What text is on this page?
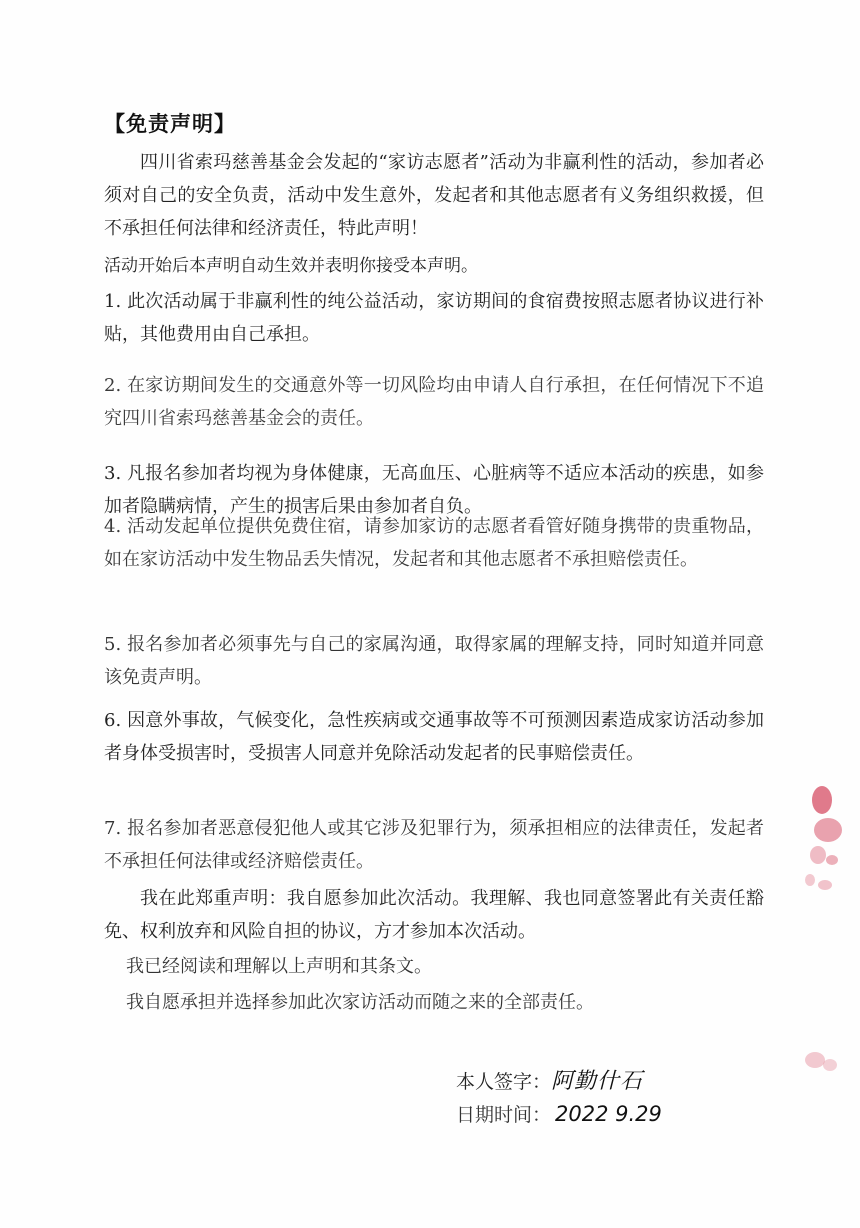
【免责声明】
四川省索玛慈善基金会发起的“家访志愿者”活动为非赢利性的活动，参加者必须对自己的安全负责，活动中发生意外，发起者和其他志愿者有义务组织救援，但不承担任何法律和经济责任，特此声明！
活动开始后本声明自动生效并表明你接受本声明。
1. 此次活动属于非赢利性的纯公益活动，家访期间的食宿费按照志愿者协议进行补贴，其他费用由自己承担。
2. 在家访期间发生的交通意外等一切风险均由申请人自行承担，在任何情况下不追究四川省索玛慈善基金会的责任。
3. 凡报名参加者均视为身体健康，无高血压、心脏病等不适应本活动的疾患，如参加者隐瞒病情，产生的损害后果由参加者自负。
4. 活动发起单位提供免费住宿，请参加家访的志愿者看管好随身携带的贵重物品，如在家访活动中发生物品丢失情况，发起者和其他志愿者不承担赔偿责任。
5. 报名参加者必须事先与自己的家属沟通，取得家属的理解支持，同时知道并同意该免责声明。
6. 因意外事故，气候变化，急性疾病或交通事故等不可预测因素造成家访活动参加者身体受损害时，受损害人同意并免除活动发起者的民事赔偿责任。
7. 报名参加者恶意侵犯他人或其它涉及犯罪行为，须承担相应的法律责任，发起者不承担任何法律或经济赔偿责任。
我在此郑重声明：我自愿参加此次活动。我理解、我也同意签署此有关责任豁免、权利放弃和风险自担的协议，方才参加本次活动。
我已经阅读和理解以上声明和其条文。
我自愿承担并选择参加此次家访活动而随之来的全部责任。
本人签字：阿勤什石
日期时间： 2022 9.29
